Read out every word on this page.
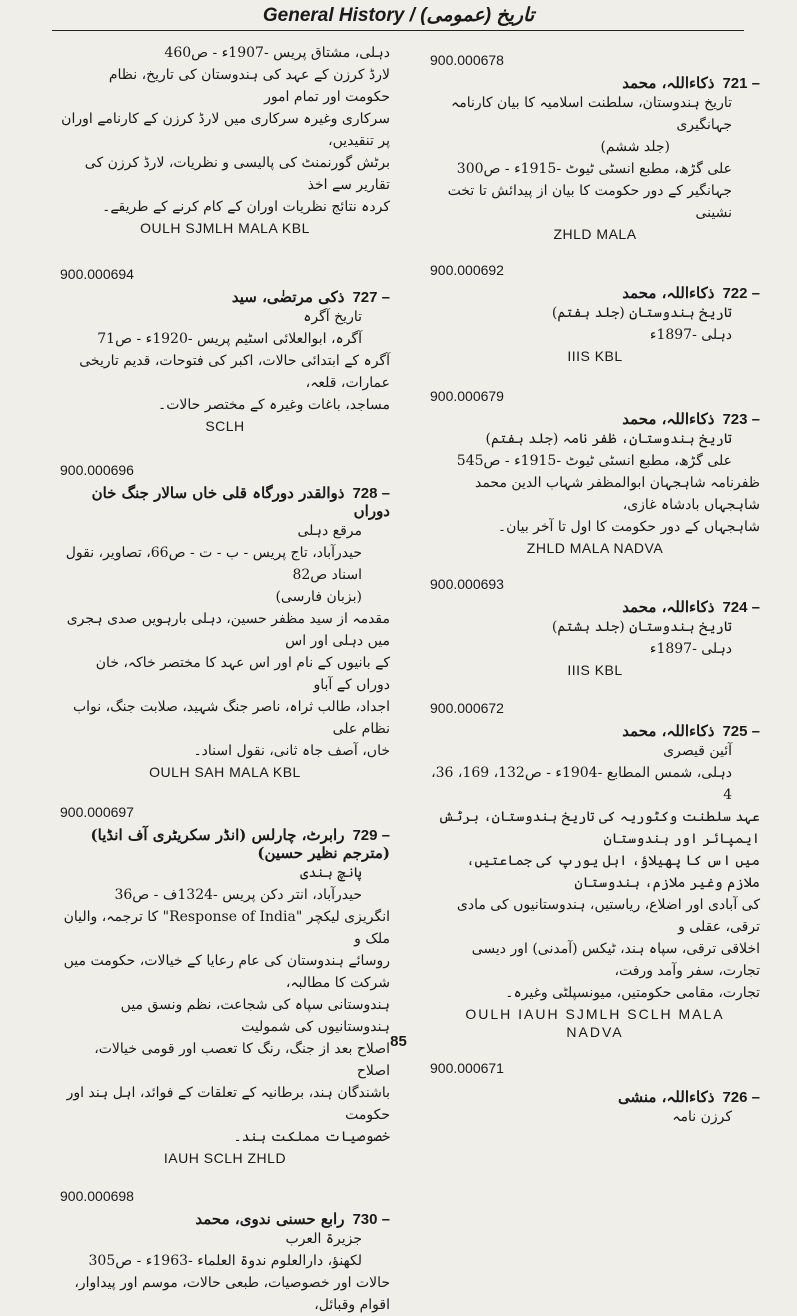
General History / (عمومی) تاریخ
دہلی، مشتاق پریس -1907ء - ص460
لارڈ کرزن کے عہد کی ہندوستان کی تاریخ، نظام حکومت اور تمام امور
سرکاری وغیرہ سرکاری میں لارڈ کرزن کے کارنامے اوران پر تنقیدیں،
برٹش گورنمنٹ کی پالیسی و نظریات، لارڈ کرزن کی تقاریر سے اخذ
کردہ نتائج نظریات اوران کے کام کرنے کے طریقے۔
OULH SJMLH MALA KBL
900.000694
727 –ذکی مرتضٰی، سید
تاریخ آگرہ
آگرہ، ابوالعلائی اسٹیم پریس -1920ء - ص71
آگرہ کے ابتدائی حالات، اکبر کی فتوحات، قدیم تاریخی عمارات، قلعہ،
مساجد، باغات وغیرہ کے مختصر حالات۔
SCLH
900.000696
728 –ذوالقدر دورگاہ قلی خاں سالار جنگ خان دوراں
مرقع دہلی
حیدرآباد، تاج پریس - ب - ت - ص66، تصاویر، نقول اسناد ص82
(بزبان فارسی)
مقدمہ از سید مظفر حسین، دہلی بارہویں صدی ہجری میں دہلی اور اس
کے بانیوں کے نام اور اس عہد کا مختصر خاکہ، خان دوراں کے آباو
اجداد، طالب ثراہ، ناصر جنگ شہید، صلابت جنگ، نواب نظام علی
خاں، آصف جاہ ثانی، نقول اسناد۔
OULH SAH MALA KBL
900.000697
729 –رابرٹ، چارلس (انڈر سکریٹری آف انڈیا) (مترجم نظیر حسین)
پانچ ہندی
حیدرآباد، انتر دکن پریس -1324ف - ص36
انگریزی لیکچر "Response of India" کا ترجمہ، والیان ملک و
روسائے ہندوستان کی عام رعایا کے خیالات، حکومت میں شرکت کا مطالبہ،
ہندوستانی سپاہ کی شجاعت، نظم ونسق میں ہندوستانیوں کی شمولیت
اصلاح بعد از جنگ، رنگ کا تعصب اور قومی خیالات، اصلاح
باشندگان ہند، برطانیہ کے تعلقات کے فوائد، اہل ہند اور حکومت
خصوصیات مملکت ہند۔
IAUH SCLH ZHLD
900.000698
730 –رابع حسنی ندوی، محمد
جزیرۃ العرب
لکھنؤ، دارالعلوم ندوۃ العلماء -1963ء - ص305
حالات اور خصوصیات، طبعی حالات، موسم اور پیداوار، اقوام وقبائل،
900.000678
721 –ذکاءاللہ، محمد
تاریخ ہندوستان، سلطنت اسلامیہ کا بیان کارنامہ جہانگیری
(جلد ششم)
علی گڑھ، مطبع انسٹی ٹیوٹ -1915ء - ص300
جہانگیر کے دور حکومت کا بیان از پیدائش تا تخت نشینی
ZHLD MALA
900.000692
722 –ذکاءاللہ، محمد
تاریخ ہندوستان (جلد ہفتم)
دہلی -1897ء
IIIS KBL
900.000679
723 –ذکاءاللہ، محمد
تاریخ ہندوستان، ظفر نامہ (جلد ہفتم)
علی گڑھ، مطبع انسٹی ٹیوٹ -1915ء - ص545
ظفرنامہ شاہجہان ابوالمظفر شہاب الدین محمد شاہجہاں بادشاہ غازی،
شاہجہاں کے دور حکومت کا اول تا آخر بیان۔
ZHLD MALA NADVA
900.000693
724 –ذکاءاللہ، محمد
تاریخ ہندوستان (جلد ہشتم)
دہلی -1897ء
IIIS KBL
900.000672
725 –ذکاءاللہ، محمد
آئین قیصری
دہلی، شمس المطابع -1904ء - ص132، 169، 36، 4
عہد سلطنت وکٹوریہ کی تاریخ ہندوستان، برٹش ایمپائر اور ہندوستان
میں اس کا پھیلاؤ، اہل یورپ کی جماعتیں، ملازم وغیر ملازم، ہندوستان
کی آبادی اور اضلاع، ریاستیں، ہندوستانیوں کی مادی ترقی، عقلی و
اخلاقی ترقی، سپاہ ہند، ٹیکس (آمدنی) اور دیسی تجارت، سفر وآمد ورفت،
تجارت، مقامی حکومتیں، میونسپلٹی وغیرہ۔
OULH IAUH SJMLH SCLH MALA
NADVA
900.000671
726 –ذکاءاللہ، منشی
کرزن نامہ
85
